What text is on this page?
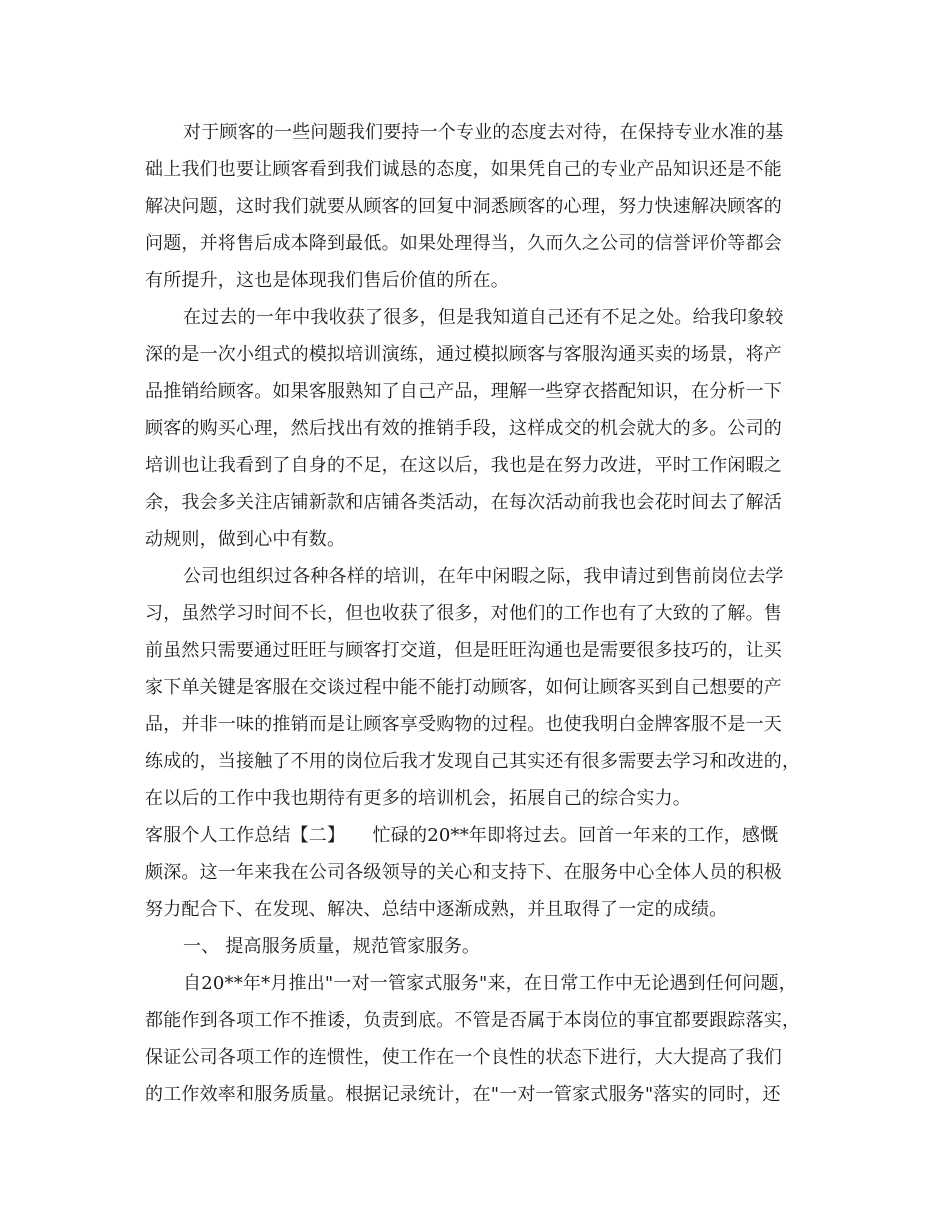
对于顾客的一些问题我们要持一个专业的态度去对待，在保持专业水准的基
础上我们也要让顾客看到我们诚恳的态度，如果凭自己的专业产品知识还是不能
解决问题，这时我们就要从顾客的回复中洞悉顾客的心理，努力快速解决顾客的
问题，并将售后成本降到最低。如果处理得当，久而久之公司的信誉评价等都会
有所提升，这也是体现我们售后价值的所在。
在过去的一年中我收获了很多，但是我知道自己还有不足之处。给我印象较
深的是一次小组式的模拟培训演练，通过模拟顾客与客服沟通买卖的场景，将产
品推销给顾客。如果客服熟知了自己产品，理解一些穿衣搭配知识，在分析一下
顾客的购买心理，然后找出有效的推销手段，这样成交的机会就大的多。公司的
培训也让我看到了自身的不足，在这以后，我也是在努力改进，平时工作闲暇之
余，我会多关注店铺新款和店铺各类活动，在每次活动前我也会花时间去了解活
动规则，做到心中有数。
公司也组织过各种各样的培训，在年中闲暇之际，我申请过到售前岗位去学
习，虽然学习时间不长，但也收获了很多，对他们的工作也有了大致的了解。售
前虽然只需要通过旺旺与顾客打交道，但是旺旺沟通也是需要很多技巧的，让买
家下单关键是客服在交谈过程中能不能打动顾客，如何让顾客买到自己想要的产
品，并非一味的推销而是让顾客享受购物的过程。也使我明白金牌客服不是一天
练成的，当接触了不用的岗位后我才发现自己其实还有很多需要去学习和改进的，
在以后的工作中我也期待有更多的培训机会，拓展自己的综合实力。
客服个人工作总结【二】　　忙碌的20**年即将过去。回首一年来的工作，感慨
颇深。这一年来我在公司各级领导的关心和支持下、在服务中心全体人员的积极
努力配合下、在发现、解决、总结中逐渐成熟，并且取得了一定的成绩。
一、 提高服务质量，规范管家服务。
自20**年*月推出"一对一管家式服务"来，在日常工作中无论遇到任何问题，
都能作到各项工作不推诿，负责到底。不管是否属于本岗位的事宜都要跟踪落实，
保证公司各项工作的连惯性，使工作在一个良性的状态下进行，大大提高了我们
的工作效率和服务质量。根据记录统计，在"一对一管家式服务"落实的同时，还
